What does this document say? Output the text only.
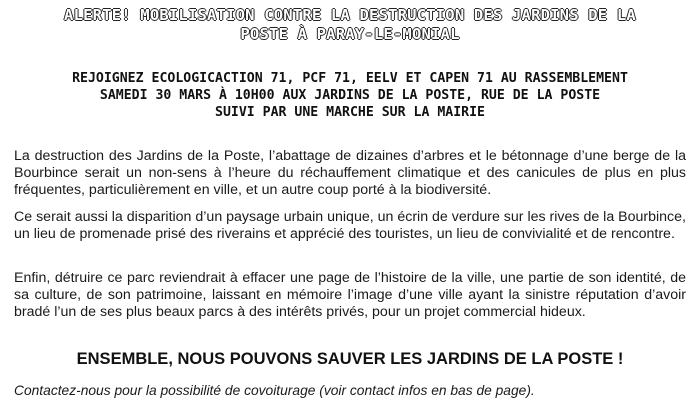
ALERTE! MOBILISATION CONTRE LA DESTRUCTION DES JARDINS DE LA
POSTE À PARAY-LE-MONIAL
REJOIGNEZ ECOLOGICACTION 71, PCF 71, EELV ET CAPEN 71 AU RASSEMBLEMENT
SAMEDI 30 MARS À 10H00 AUX JARDINS DE LA POSTE, RUE DE LA POSTE
SUIVI PAR UNE MARCHE SUR LA MAIRIE

La destruction des Jardins de la Poste, l’abattage de dizaines d’arbres et le bétonnage d’une berge de la Bourbince serait un non-sens à l’heure du réchauffement climatique et des canicules de plus en plus fréquentes, particulièrement en ville, et un autre coup porté à la biodiversité.

Ce serait aussi la disparition d’un paysage urbain unique, un écrin de verdure sur les rives de la Bourbince, un lieu de promenade prisé des riverains et apprécié des touristes, un lieu de convivialité et de rencontre.

Enfin, détruire ce parc reviendrait à effacer une page de l’histoire de la ville, une partie de son identité, de sa culture, de son patrimoine, laissant en mémoire l’image d’une ville ayant la sinistre réputation d’avoir bradé l’un de ses plus beaux parcs à des intérêts privés, pour un projet commercial hideux.

ENSEMBLE, NOUS POUVONS SAUVER LES JARDINS DE LA POSTE !
Contactez-nous pour la possibilité de covoiturage (voir contact infos en bas de page).
